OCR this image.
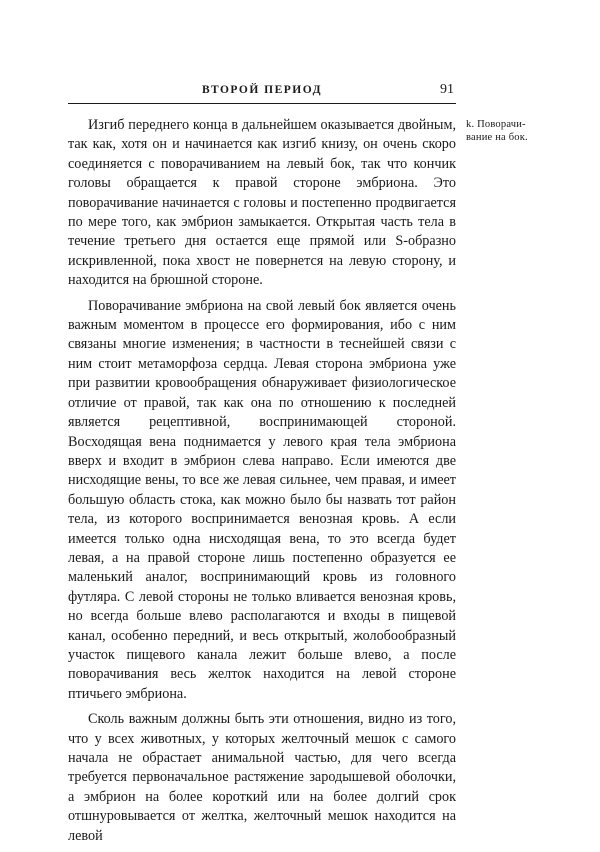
ВТОРОЙ ПЕРИОД	91
k. Поворачи-вание на бок.

Изгиб переднего конца в дальнейшем оказывается двойным, так как, хотя он и начинается как изгиб книзу, он очень скоро соединяется с поворачиванием на левый бок, так что кончик головы обращается к правой стороне эмбриона. Это поворачивание начинается с головы и постепенно продвигается по мере того, как эмбрион замыкается. Открытая часть тела в течение третьего дня остается еще прямой или S-образно искривленной, пока хвост не повернется на левую сторону, и находится на брюшной стороне.

Поворачивание эмбриона на свой левый бок является очень важным моментом в процессе его формирования, ибо с ним связаны многие изменения; в частности в теснейшей связи с ним стоит метаморфоза сердца. Левая сторона эмбриона уже при развитии кровообращения обнаруживает физиологическое отличие от правой, так как она по отношению к последней является рецептивной, воспринимающей стороной. Восходящая вена поднимается у левого края тела эмбриона вверх и входит в эмбрион слева направо. Если имеются две нисходящие вены, то все же левая сильнее, чем правая, и имеет большую область стока, как можно было бы назвать тот район тела, из которого воспринимается венозная кровь. А если имеется только одна нисходящая вена, то это всегда будет левая, а на правой стороне лишь постепенно образуется ее маленький аналог, воспринимающий кровь из головного футляра. С левой стороны не только вливается венозная кровь, но всегда больше влево располагаются и входы в пищевой канал, особенно передний, и весь открытый, жолобообразный участок пищевого канала лежит больше влево, а после поворачивания весь желток находится на левой стороне птичьего эмбриона.

Сколь важным должны быть эти отношения, видно из того, что у всех животных, у которых желточный мешок с самого начала не обрастает анимальной частью, для чего всегда требуется первоначальное растяжение зародышевой оболочки, а эмбрион на более короткий или на более долгий срок отшнуровывается от желтка, желточный мешок находится на левой
